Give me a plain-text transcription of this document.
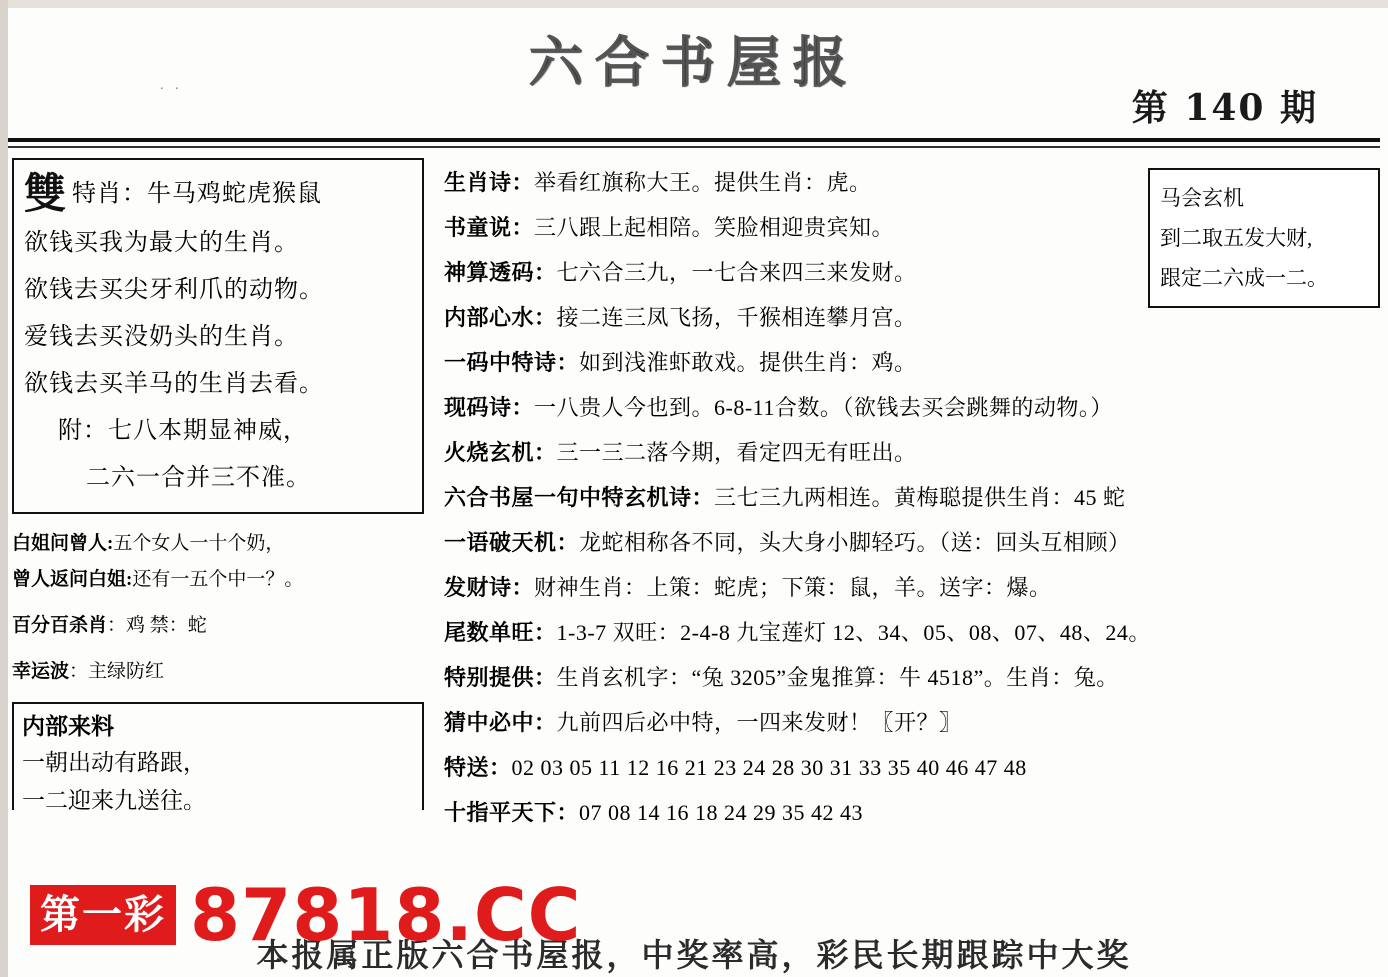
六合书屋报
. .
第 140 期
雙 特肖： 牛马鸡蛇虎猴鼠
欲钱买我为最大的生肖。
欲钱去买尖牙利爪的动物。
爱钱去买没奶头的生肖。
欲钱去买羊马的生肖去看。
附：七八本期显神威，
二六一合并三不准。
白姐问曾人:五个女人一十个奶，
曾人返问白姐:还有一五个中一？。
百分百杀肖：鸡 禁：蛇
幸运波：主绿防红
内部来料
一朝出动有路跟，
一二迎来九送往。
生肖诗：举看红旗称大王。提供生肖：虎。
书童说：三八跟上起相陪。笑脸相迎贵宾知。
神算透码：七六合三九，一七合来四三来发财。
内部心水：接二连三凤飞扬，千猴相连攀月宫。
一码中特诗：如到浅淮虾敢戏。提供生肖：鸡。
现码诗：一八贵人今也到。6-8-11合数。（欲钱去买会跳舞的动物。）
火烧玄机：三一三二落今期，看定四无有旺出。
六合书屋一句中特玄机诗：三七三九两相连。黄梅聪提供生肖：45 蛇
一语破天机：龙蛇相称各不同，头大身小脚轻巧。（送：回头互相顾）
发财诗：财神生肖：上策：蛇虎；下策：鼠，羊。送字：爆。
尾数单旺：1-3-7 双旺：2-4-8 九宝莲灯 12、34、05、08、07、48、24。
特别提供：生肖玄机字：“兔 3205”金鬼推算：牛 4518”。生肖：兔。
猜中必中：九前四后必中特，一四来发财！〖开？〗
特送：02 03 05 11 12 16 21 23 24 28 30 31 33 35 40 46 47 48
十指平天下：07 08 14 16 18 24 29 35 42 43
马会玄机
到二取五发大财,
跟定二六成一二。
第一彩 87818.CC
本报属正版六合书屋报，中奖率高，彩民长期跟踪中大奖
